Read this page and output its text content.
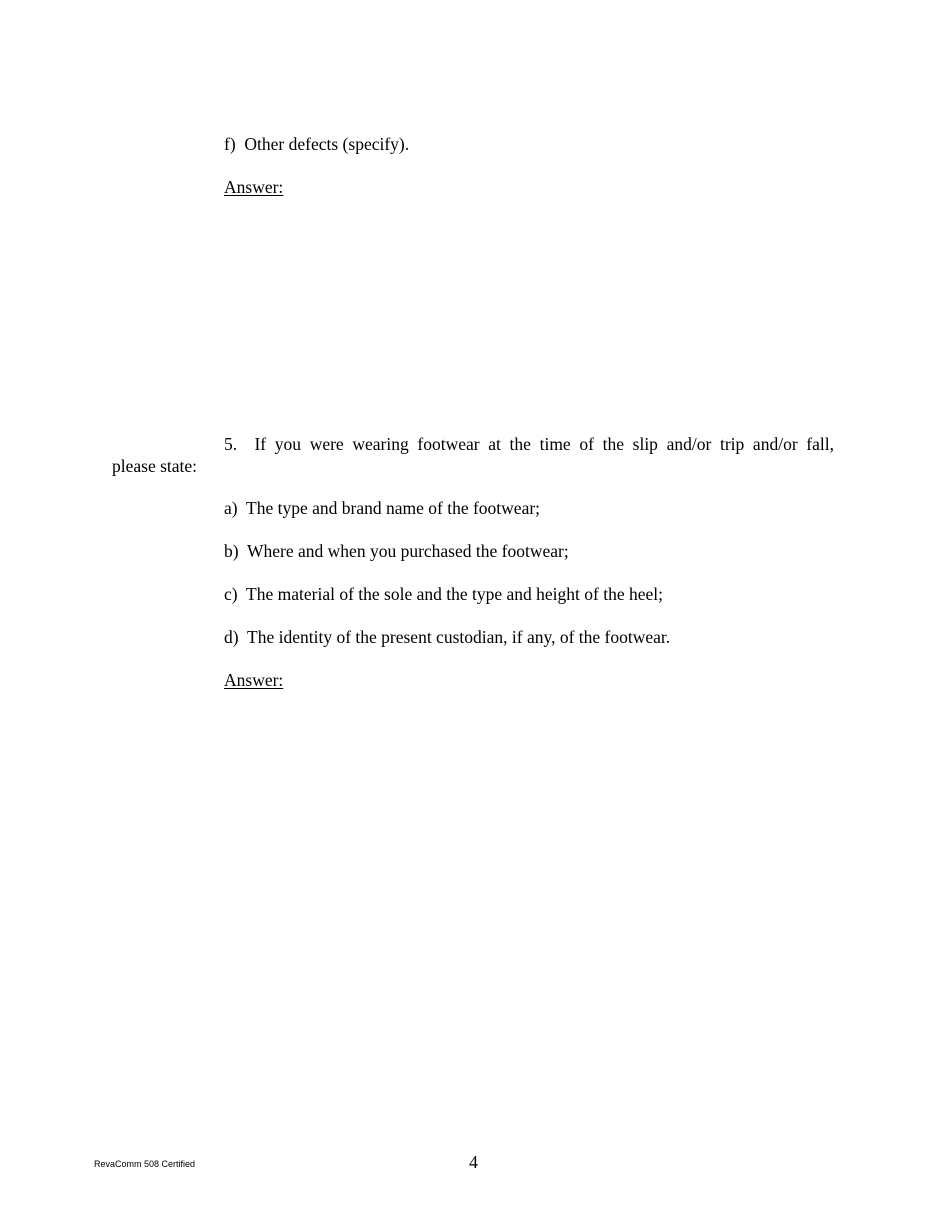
f) Other defects (specify).
Answer:
5. If you were wearing footwear at the time of the slip and/or trip and/or fall,
please state:
a) The type and brand name of the footwear;
b) Where and when you purchased the footwear;
c) The material of the sole and the type and height of the heel;
d) The identity of the present custodian, if any, of the footwear.
Answer:
RevaComm 508 Certified	4
